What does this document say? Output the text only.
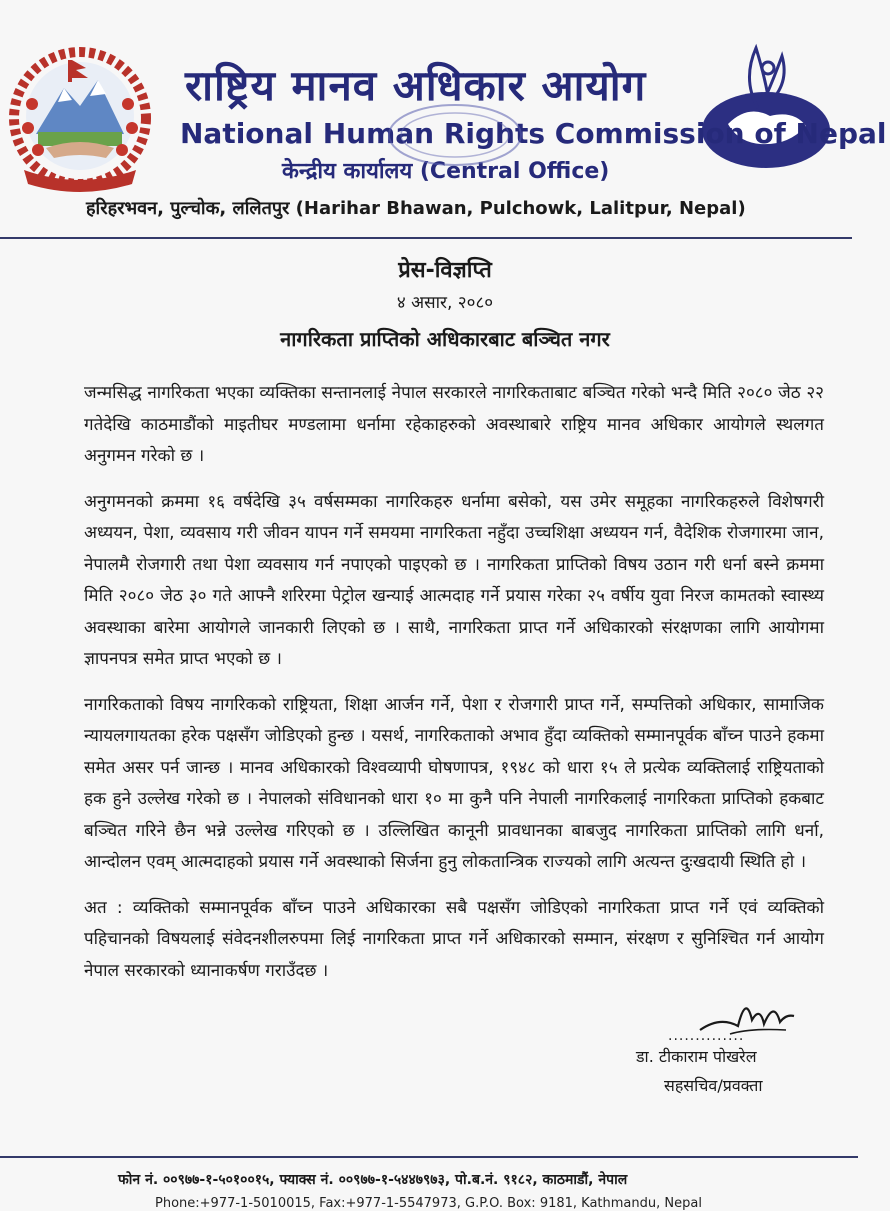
राष्ट्रिय मानव अधिकार आयोग
National Human Rights Commission of Nepal
केन्द्रीय कार्यालय (Central Office)
हरिहरभवन, पुल्चोक, ललितपुर (Harihar Bhawan, Pulchowk, Lalitpur, Nepal)
प्रेस-विज्ञप्ति
४ असार, २०८०
नागरिकता प्राप्तिको अधिकारबाट बञ्चित नगर

जन्मसिद्ध नागरिकता भएका व्यक्तिका सन्तानलाई नेपाल सरकारले नागरिकताबाट बञ्चित गरेको भन्दै मिति २०८० जेठ २२ गतेदेखि काठमाडौंको माइतीघर मण्डलामा धर्नामा रहेकाहरुको अवस्थाबारे राष्ट्रिय मानव अधिकार आयोगले स्थलगत अनुगमन गरेको छ ।

अनुगमनको क्रममा १६ वर्षदेखि ३५ वर्षसम्मका नागरिकहरु धर्नामा बसेको, यस उमेर समूहका नागरिकहरुले विशेषगरी अध्ययन, पेशा, व्यवसाय गरी जीवन यापन गर्ने समयमा नागरिकता नहुँदा उच्चशिक्षा अध्ययन गर्न, वैदेशिक रोजगारमा जान, नेपालमै रोजगारी तथा पेशा व्यवसाय गर्न नपाएको पाइएको छ । नागरिकता प्राप्तिको विषय उठान गरी धर्ना बस्ने क्रममा मिति २०८० जेठ ३० गते आफ्नै शरिरमा पेट्रोल खन्याई आत्मदाह गर्ने प्रयास गरेका २५ वर्षीय युवा निरज कामतको स्वास्थ्य अवस्थाका बारेमा आयोगले जानकारी लिएको छ । साथै, नागरिकता प्राप्त गर्ने अधिकारको संरक्षणका लागि आयोगमा ज्ञापनपत्र समेत प्राप्त भएको छ ।

नागरिकताको विषय नागरिकको राष्ट्रियता, शिक्षा आर्जन गर्ने, पेशा र रोजगारी प्राप्त गर्ने, सम्पत्तिको अधिकार, सामाजिक न्यायलगायतका हरेक पक्षसँग जोडिएको हुन्छ । यसर्थ, नागरिकताको अभाव हुँदा व्यक्तिको सम्मानपूर्वक बाँच्न पाउने हकमा समेत असर पर्न जान्छ । मानव अधिकारको विश्वव्यापी घोषणापत्र, १९४८ को धारा १५ ले प्रत्येक व्यक्तिलाई राष्ट्रियताको हक हुने उल्लेख गरेको छ । नेपालको संविधानको धारा १० मा कुनै पनि नेपाली नागरिकलाई नागरिकता प्राप्तिको हकबाट बञ्चित गरिने छैन भन्ने उल्लेख गरिएको छ । उल्लिखित कानूनी प्रावधानका बाबजुद नागरिकता प्राप्तिको लागि धर्ना, आन्दोलन एवम् आत्मदाहको प्रयास गर्ने अवस्थाको सिर्जना हुनु लोकतान्त्रिक राज्यको लागि अत्यन्त दुःखदायी स्थिति हो ।

अत : व्यक्तिको सम्मानपूर्वक बाँच्न पाउने अधिकारका सबै पक्षसँग जोडिएको नागरिकता प्राप्त गर्ने एवं व्यक्तिको पहिचानको विषयलाई संवेदनशीलरुपमा लिई नागरिकता प्राप्त गर्ने अधिकारको सम्मान, संरक्षण र सुनिश्चित गर्न आयोग नेपाल सरकारको ध्यानाकर्षण गराउँदछ ।

..............
डा. टीकाराम पोखरेल
सहसचिव/प्रवक्ता
फोन नं. ००९७७-१-५०१००१५, फ्याक्स नं. ००९७७-१-५४४७९७३, पो.ब.नं. ९१८२, काठमाडौं, नेपाल
Phone:+977-1-5010015, Fax:+977-1-5547973, G.P.O. Box: 9181, Kathmandu, Nepal
